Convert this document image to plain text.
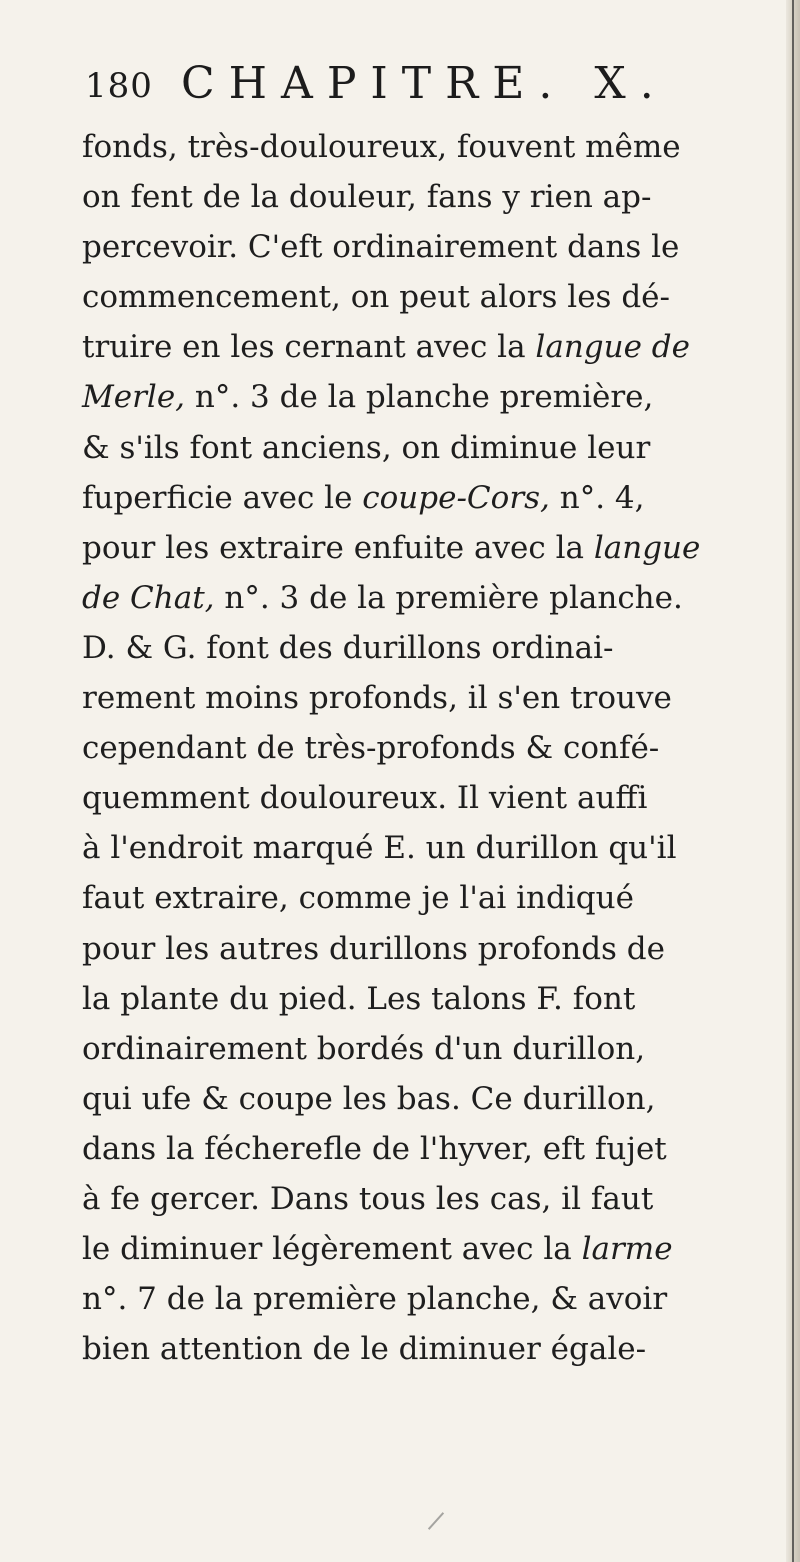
180 CHAPITRE. X.
fonds, très-douloureux, fouvent même
on fent de la douleur, fans y rien ap-
percevoir. C'eft ordinairement dans le
commencement, on peut alors les dé-
truire en les cernant avec la langue de
Merle, n°. 3 de la planche première,
& s'ils font anciens, on diminue leur
fuperficie avec le coupe-Cors, n°. 4,
pour les extraire enfuite avec la langue
de Chat, n°. 3 de la première planche.
D. & G. font des durillons ordinai-
rement moins profonds, il s'en trouve
cependant de très-profonds & confé-
quemment douloureux. Il vient auffi
à l'endroit marqué E. un durillon qu'il
faut extraire, comme je l'ai indiqué
pour les autres durillons profonds de
la plante du pied. Les talons F. font
ordinairement bordés d'un durillon,
qui ufe & coupe les bas. Ce durillon,
dans la fécherefle de l'hyver, eft fujet
à fe gercer. Dans tous les cas, il faut
le diminuer légèrement avec la larme
n°. 7 de la première planche, & avoir
bien attention de le diminuer égale-
